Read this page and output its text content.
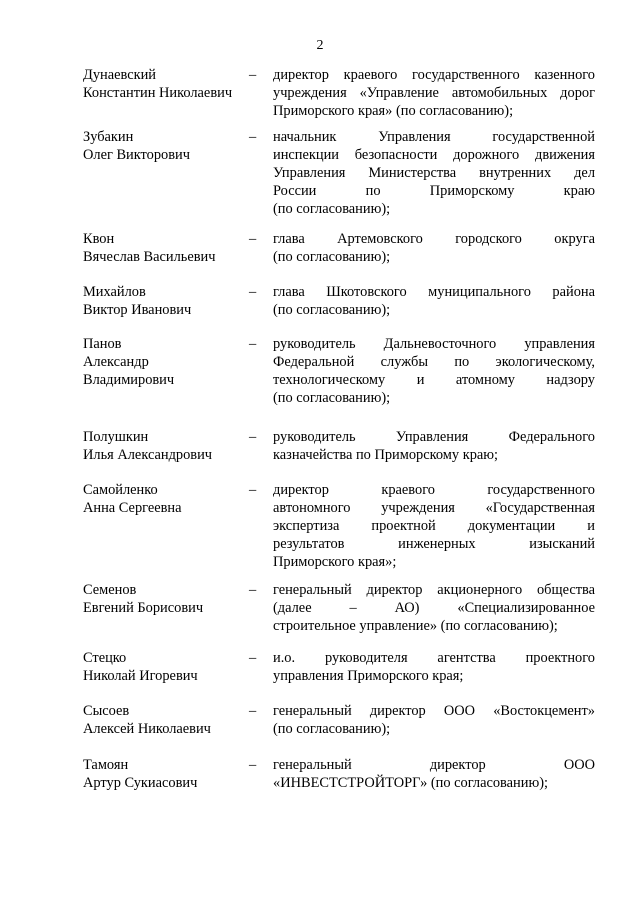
2
Дунаевский
Константин Николаевич
– директор краевого государственного казенного
учреждения «Управление автомобильных дорог
Приморского края» (по согласованию);
Зубакин
Олег Викторович
– начальник Управления государственной
инспекции безопасности дорожного движения
Управления Министерства внутренних дел
России по Приморскому краю
(по согласованию);
Квон
Вячеслав Васильевич
– глава Артемовского городского округа
(по согласованию);
Михайлов
Виктор Иванович
– глава Шкотовского муниципального района
(по согласованию);
Панов
Александр
Владимирович
– руководитель Дальневосточного управления
Федеральной службы по экологическому,
технологическому и атомному надзору
(по согласованию);
Полушкин
Илья Александрович
– руководитель Управления Федерального
казначейства по Приморскому краю;
Самойленко
Анна Сергеевна
– директор краевого государственного
автономного учреждения «Государственная
экспертиза проектной документации и
результатов инженерных изысканий
Приморского края»;
Семенов
Евгений Борисович
– генеральный директор акционерного общества
(далее – АО) «Специализированное
строительное управление» (по согласованию);
Стецко
Николай Игоревич
– и.о. руководителя агентства проектного
управления Приморского края;
Сысоев
Алексей Николаевич
– генеральный директор ООО «Востокцемент»
(по согласованию);
Тамоян
Артур Сукиасович
– генеральный директор ООО
«ИНВЕСТСТРОЙТОРГ» (по согласованию);
